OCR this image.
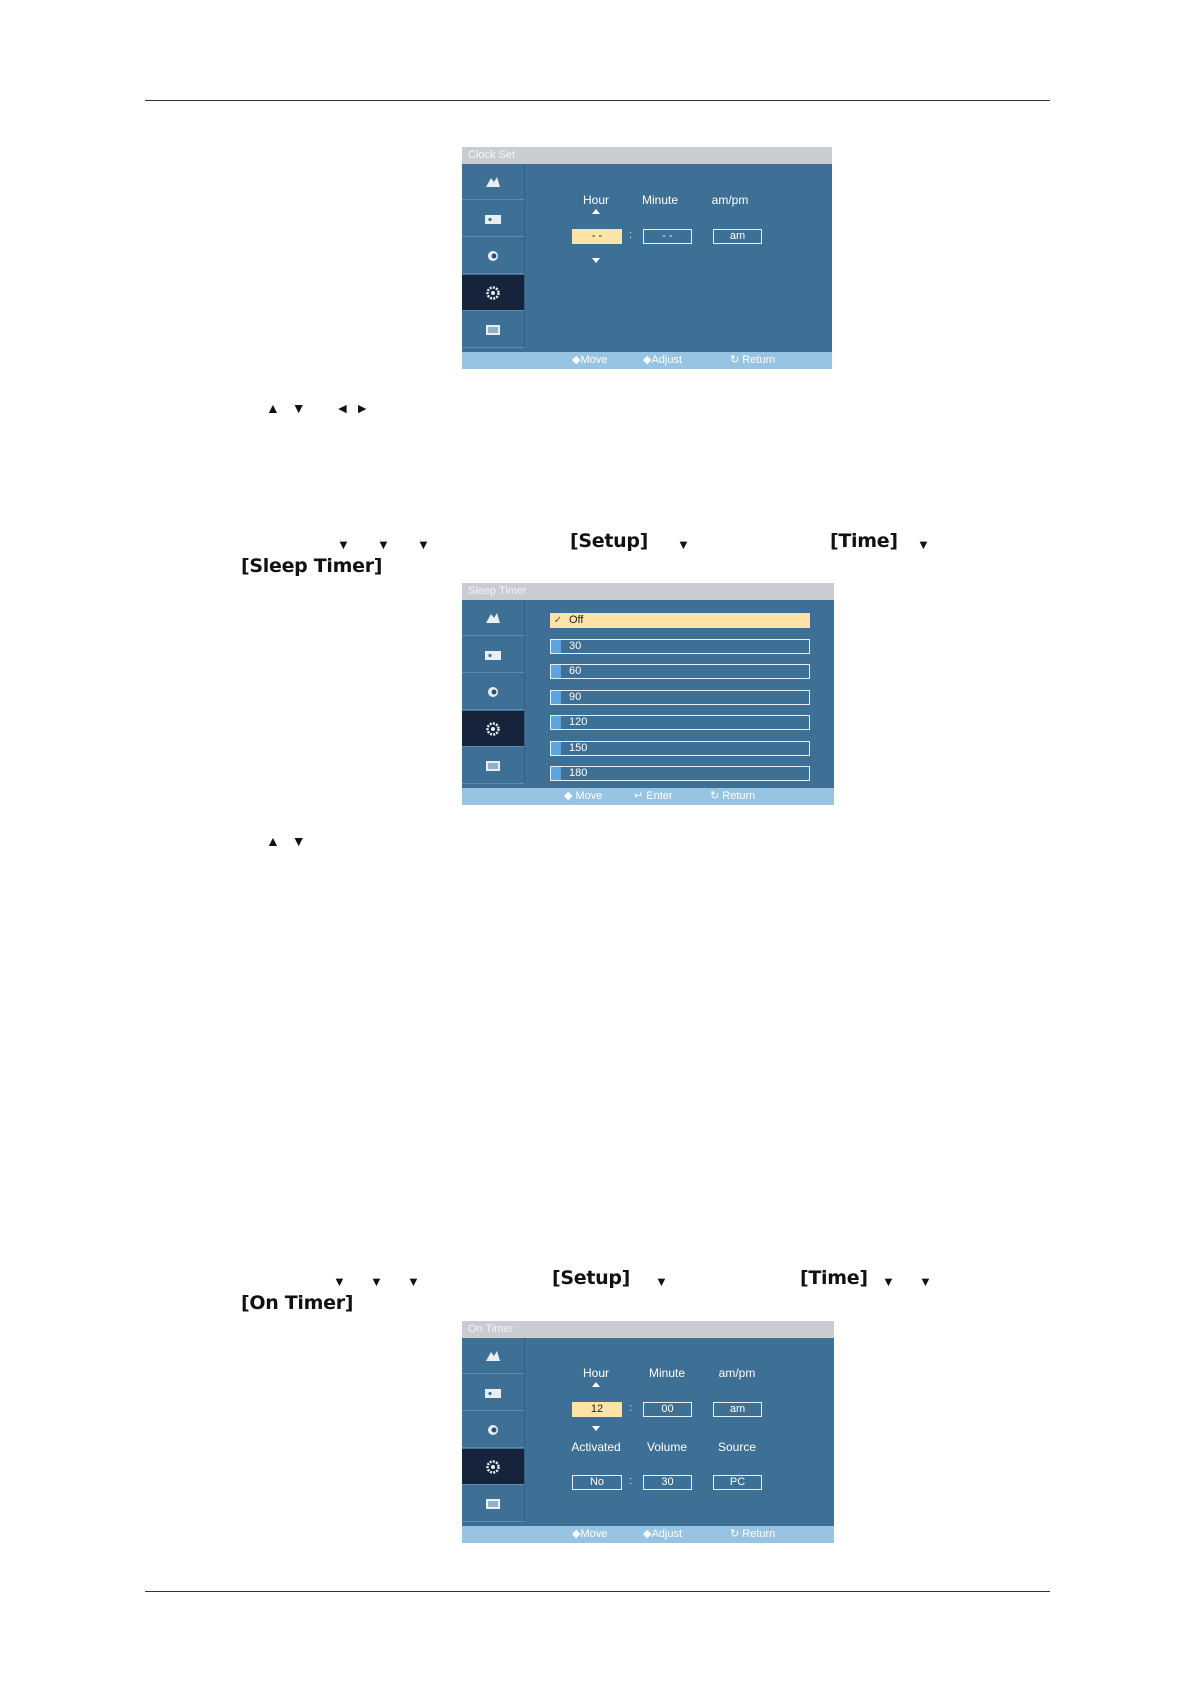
Clock Set
Hour	Minute	am/pm
- -	:	- -	am
◆Move	◆Adjust	↻ Return
▲ ▼ ◄ ►
▼ ▼ ▼	[Setup] ▼	[Time] ▼
[Sleep Timer]
Sleep Timer
✓ Off
30
60
90
120
150
180
◆ Move	↵ Enter	↻ Return
▲ ▼
▼ ▼ ▼	[Setup] ▼	[Time] ▼ ▼
[On Timer]
On Timer
Hour	Minute	am/pm
12	:	00	am
Activated	Volume	Source
No	:	30	PC
◆Move	◆Adjust	↻ Return
